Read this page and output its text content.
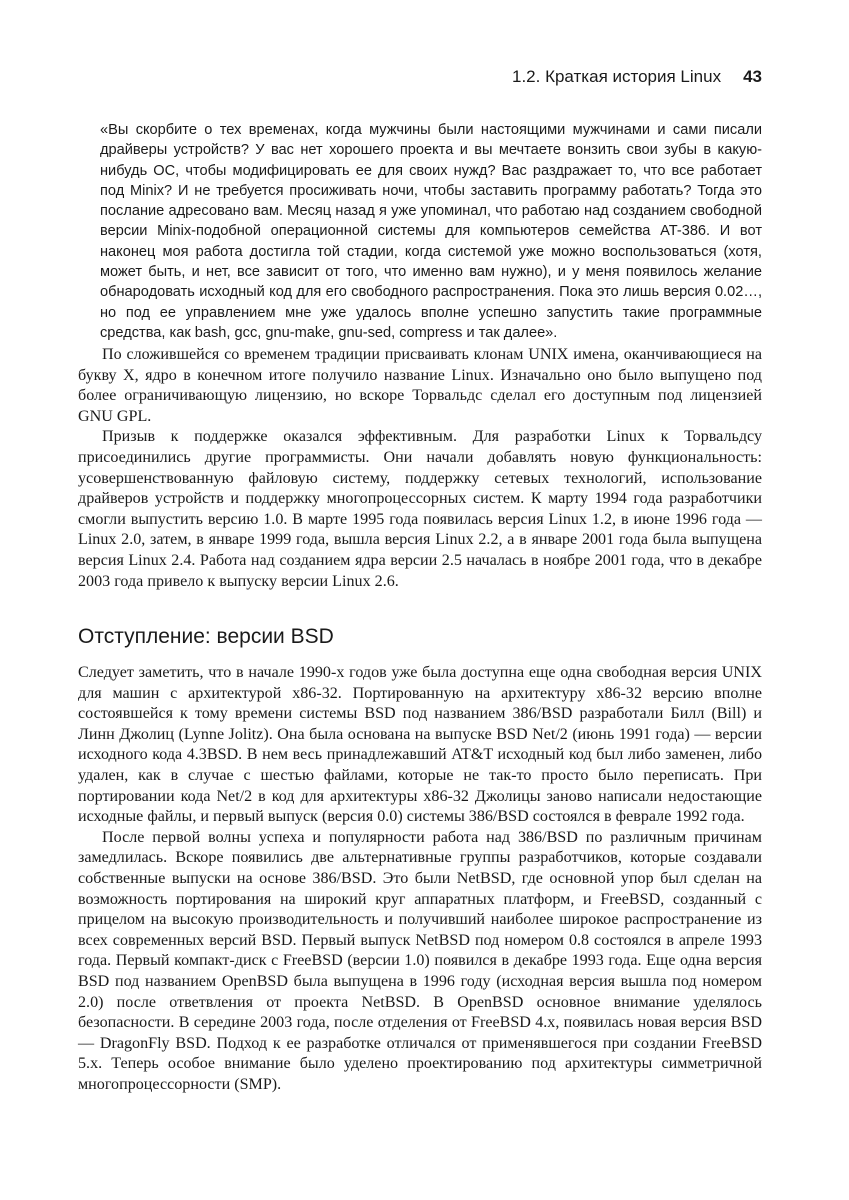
1.2. Краткая история Linux 43

«Вы скорбите о тех временах, когда мужчины были настоящими мужчинами и сами писали драйверы устройств? У вас нет хорошего проекта и вы мечтаете вонзить свои зубы в какую-нибудь ОС, чтобы модифицировать ее для своих нужд? Вас раздражает то, что все работает под Minix? И не требуется просиживать ночи, чтобы заставить программу работать? Тогда это послание адресовано вам. Месяц назад я уже упоминал, что работаю над созданием свободной версии Minix-подобной операционной системы для компьютеров семейства AT-386. И вот наконец моя работа достигла той стадии, когда системой уже можно воспользоваться (хотя, может быть, и нет, все зависит от того, что именно вам нужно), и у меня появилось желание обнародовать исходный код для его свободного распространения. Пока это лишь версия 0.02…, но под ее управлением мне уже удалось вполне успешно запустить такие программные средства, как bash, gcc, gnu-make, gnu-sed, compress и так далее».

По сложившейся со временем традиции присваивать клонам UNIX имена, оканчивающиеся на букву X, ядро в конечном итоге получило название Linux. Изначально оно было выпущено под более ограничивающую лицензию, но вскоре Торвальдс сделал его доступным под лицензией GNU GPL.

Призыв к поддержке оказался эффективным. Для разработки Linux к Торвальдсу присоединились другие программисты. Они начали добавлять новую функциональность: усовершенствованную файловую систему, поддержку сетевых технологий, использование драйверов устройств и поддержку многопроцессорных систем. К марту 1994 года разработчики смогли выпустить версию 1.0. В марте 1995 года появилась версия Linux 1.2, в июне 1996 года — Linux 2.0, затем, в январе 1999 года, вышла версия Linux 2.2, а в январе 2001 года была выпущена версия Linux 2.4. Работа над созданием ядра версии 2.5 началась в ноябре 2001 года, что в декабре 2003 года привело к выпуску версии Linux 2.6.

Отступление: версии BSD

Следует заметить, что в начале 1990-х годов уже была доступна еще одна свободная версия UNIX для машин с архитектурой x86-32. Портированную на архитектуру x86-32 версию вполне состоявшейся к тому времени системы BSD под названием 386/BSD разработали Билл (Bill) и Линн Джолиц (Lynne Jolitz). Она была основана на выпуске BSD Net/2 (июнь 1991 года) — версии исходного кода 4.3BSD. В нем весь принадлежавший AT&T исходный код был либо заменен, либо удален, как в случае с шестью файлами, которые не так-то просто было переписать. При портировании кода Net/2 в код для архитектуры x86-32 Джолицы заново написали недостающие исходные файлы, и первый выпуск (версия 0.0) системы 386/BSD состоялся в феврале 1992 года.

После первой волны успеха и популярности работа над 386/BSD по различным причинам замедлилась. Вскоре появились две альтернативные группы разработчиков, которые создавали собственные выпуски на основе 386/BSD. Это были NetBSD, где основной упор был сделан на возможность портирования на широкий круг аппаратных платформ, и FreeBSD, созданный с прицелом на высокую производительность и получивший наиболее широкое распространение из всех современных версий BSD. Первый выпуск NetBSD под номером 0.8 состоялся в апреле 1993 года. Первый компакт-диск с FreeBSD (версии 1.0) появился в декабре 1993 года. Еще одна версия BSD под названием OpenBSD была выпущена в 1996 году (исходная версия вышла под номером 2.0) после ответвления от проекта NetBSD. В OpenBSD основное внимание уделялось безопасности. В середине 2003 года, после отделения от FreeBSD 4.x, появилась новая версия BSD — DragonFly BSD. Подход к ее разработке отличался от применявшегося при создании FreeBSD 5.x. Теперь особое внимание было уделено проектированию под архитектуры симметричной многопроцессорности (SMP).
